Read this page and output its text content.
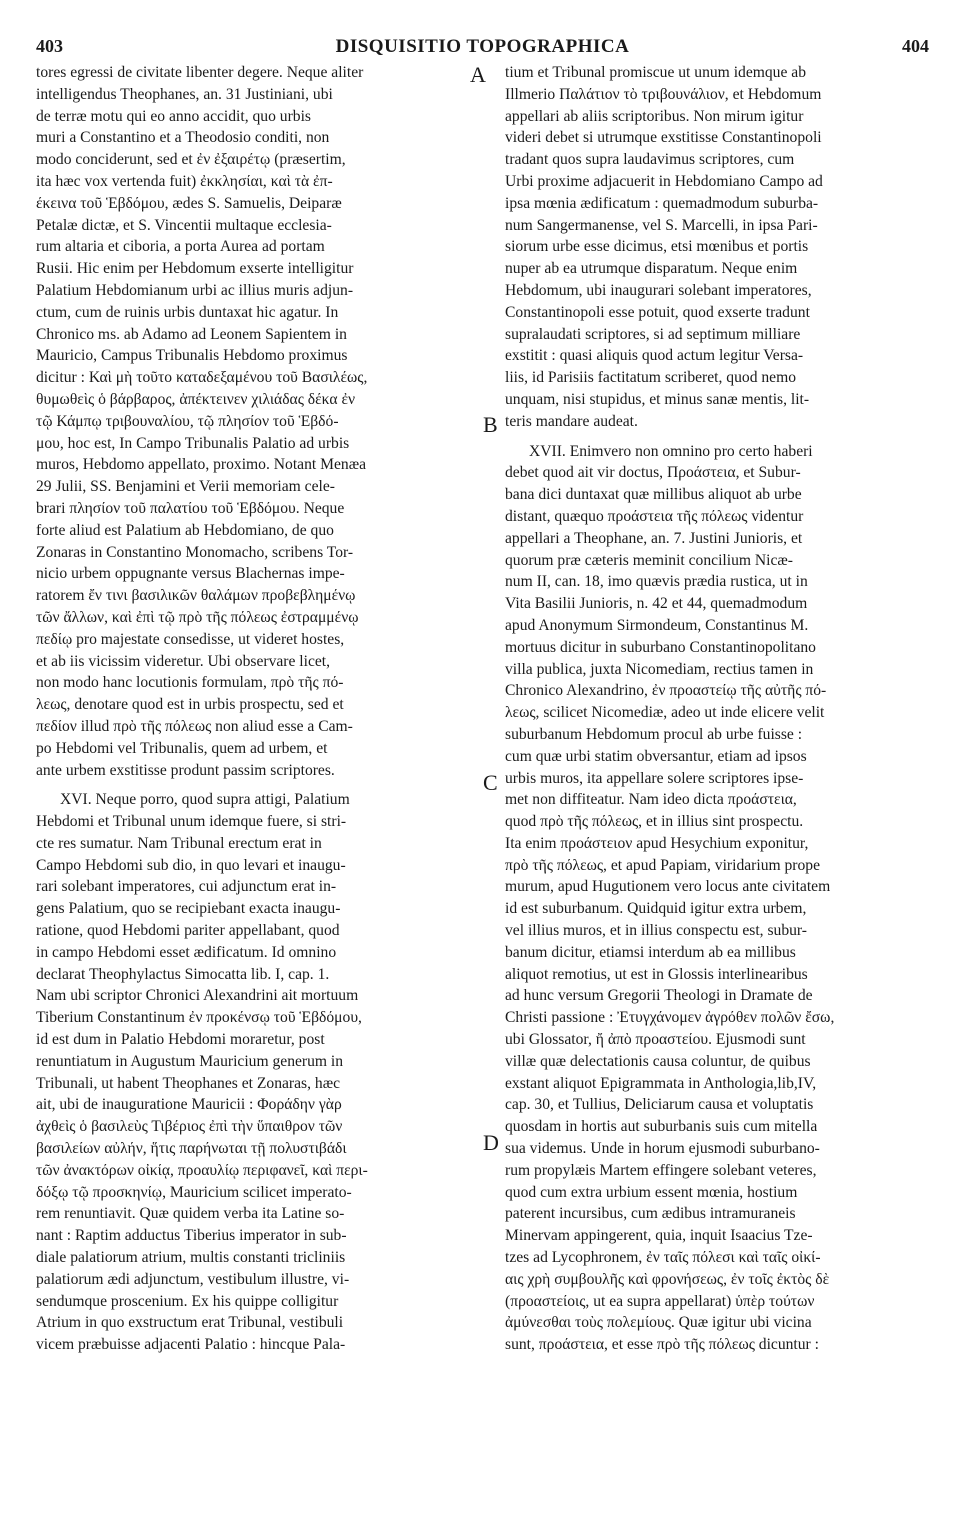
403	DISQUISITIO TOPOGRAPHICA	404

tores egressi de civitate libenter degere. Neque aliter
intelligendus Theophanes, an. 31 Justiniani, ubi
de terræ motu qui eo anno accidit, quo urbis
muri a Constantino et a Theodosio conditi, non
modo conciderunt, sed et ἐν ἐξαιρέτῳ (præsertim,
ita hæc vox vertenda fuit) ἐκκλησίαι, καὶ τὰ ἐπ-
έκεινα τοῦ Ἑβδόμου, ædes S. Samuelis, Deiparæ
Petalæ dictæ, et S. Vincentii multaque ecclesia-
rum altaria et ciboria, a porta Aurea ad portam
Rusii. Hic enim per Hebdomum exserte intelligitur
Palatium Hebdomianum urbi ac illius muris adjun-
ctum, cum de ruinis urbis duntaxat hic agatur. In
Chronico ms. ab Adamo ad Leonem Sapientem in
Mauricio, Campus Tribunalis Hebdomo proximus
dicitur : Καὶ μὴ τοῦτο καταδεξαμένου τοῦ Βασιλέως,
θυμωθεὶς ὁ βάρβαρος, ἀπέκτεινεν χιλιάδας δέκα ἐν
τῷ Κάμπῳ τριβουναλίου, τῷ πλησίον τοῦ Ἑβδό-
μου, hoc est, In Campo Tribunalis Palatio ad urbis
muros, Hebdomo appellato, proximo. Notant Menæa
29 Julii, SS. Benjamini et Verii memoriam cele-
brari πλησίον τοῦ παλατίου τοῦ Ἑβδόμου. Neque
forte aliud est Palatium ab Hebdomiano, de quo
Zonaras in Constantino Monomacho, scribens Tor-
nicio urbem oppugnante versus Blachernas impe-
ratorem ἔν τινι βασιλικῶν θαλάμων προβεβλημένῳ
τῶν ἄλλων, καὶ ἐπὶ τῷ πρὸ τῆς πόλεως ἐστραμμένῳ
πεδίῳ pro majestate consedisse, ut videret hostes,
et ab iis vicissim videretur. Ubi observare licet,
non modo hanc locutionis formulam, πρὸ τῆς πό-
λεως, denotare quod est in urbis prospectu, sed et
πεδίον illud πρὸ τῆς πόλεως non aliud esse a Cam-
po Hebdomi vel Tribunalis, quem ad urbem, et
ante urbem exstitisse produnt passim scriptores.

XVI. Neque porro, quod supra attigi, Palatium
Hebdomi et Tribunal unum idemque fuere, si stri-
cte res sumatur. Nam Tribunal erectum erat in
Campo Hebdomi sub dio, in quo levari et inaugu-
rari solebant imperatores, cui adjunctum erat in-
gens Palatium, quo se recipiebant exacta inaugu-
ratione, quod Hebdomi pariter appellabant, quod
in campo Hebdomi esset ædificatum. Id omnino
declarat Theophylactus Simocatta lib. I, cap. 1.
Nam ubi scriptor Chronici Alexandrini ait mortuum
Tiberium Constantinum ἐν πρoκένσῳ τοῦ Ἑβδόμου,
id est dum in Palatio Hebdomi moraretur, post
renuntiatum in Augustum Mauricium generum in
Tribunali, ut habent Theophanes et Zonaras, hæc
ait, ubi de inauguratione Mauricii : Φοράδην γὰρ
ἀχθεὶς ὁ βασιλεὺς Τιβέριος ἐπὶ τὴν ὕπαιθρον τῶν
βασιλείων αὐλήν, ἥτις παρήνωται τῇ πολυστιβάδι
τῶν ἀνακτόρων οἰκίᾳ, προαυλίῳ περιφανεῖ, καὶ περι-
δόξῳ τῷ προσκηνίῳ, Mauricium scilicet imperato-
rem renuntiavit. Quæ quidem verba ita Latine so-
nant : Raptim adductus Tiberius imperator in sub-
diale palatiorum atrium, multis constanti tricliniis
palatiorum ædi adjunctum, vestibulum illustre, vi-
sendumque proscenium. Ex his quippe colligitur
Atrium in quo exstructum erat Tribunal, vestibuli
vicem præbuisse adjacenti Palatio : hincque Pala-

tium et Tribunal promiscue ut unum idemque ab
Illmerio Παλάτιον τὸ τριβουνάλιον, et Hebdomum
appellari ab aliis scriptoribus. Non mirum igitur
videri debet si utrumque exstitisse Constantinopoli
tradant quos supra laudavimus scriptores, cum
Urbi proxime adjacuerit in Hebdomiano Campo ad
ipsa mœnia ædificatum : quemadmodum suburba-
num Sangermanense, vel S. Marcelli, in ipsa Pari-
siorum urbe esse dicimus, etsi mœnibus et portis
nuper ab ea utrumque disparatum. Neque enim
Hebdomum, ubi inaugurari solebant imperatores,
Constantinopoli esse potuit, quod exserte tradunt
supralaudati scriptores, si ad septimum milliare
exstitit : quasi aliquis quod actum legitur Versa-
liis, id Parisiis factitatum scriberet, quod nemo
unquam, nisi stupidus, et minus sanæ mentis, lit-
teris mandare audeat.

XVII. Enimvero non omnino pro certo haberi
debet quod ait vir doctus, Προάστεια, et Subur-
bana dici duntaxat quæ millibus aliquot ab urbe
distant, quæquo προάστεια τῆς πόλεως videntur
appellari a Theophane, an. 7. Justini Junioris, et
quorum præ cæteris meminit concilium Nicæ-
num II, can. 18, imo quævis prædia rustica, ut in
Vita Basilii Junioris, n. 42 et 44, quemadmodum
apud Anonymum Sirmondeum, Constantinus M.
mortuus dicitur in suburbano Constantinopolitano
villa publica, juxta Nicomediam, rectius tamen in
Chronico Alexandrino, ἐν προαστείῳ τῆς αὐτῆς πό-
λεως, scilicet Nicomediæ, adeo ut inde elicere velit
suburbanum Hebdomum procul ab urbe fuisse :
cum quæ urbi statim obversantur, etiam ad ipsos
urbis muros, ita appellare solere scriptores ipse-
met non diffiteatur. Nam ideo dicta προάστεια,
quod πρὸ τῆς πόλεως, et in illius sint prospectu.
Ita enim προάστειον apud Hesychium exponitur,
πρὸ τῆς πόλεως, et apud Papiam, viridarium prope
murum, apud Hugutionem vero locus ante civitatem
id est suburbanum. Quidquid igitur extra urbem,
vel illius muros, et in illius conspectu est, subur-
banum dicitur, etiamsi interdum ab ea millibus
aliquot remotius, ut est in Glossis interlinearibus
ad hunc versum Gregorii Theologi in Dramate de
Christi passione : Ἐτυγχάνομεν ἀγρόθεν πολῶν ἔσω,
ubi Glossator, ἤ ἀπὸ προαστείου. Ejusmodi sunt
villæ quæ delectationis causa coluntur, de quibus
exstant aliquot Epigrammata in Anthologia,lib,IV,
cap. 30, et Tullius, Deliciarum causa et voluptatis
quosdam in hortis aut suburbanis suis cum mitella
sua videmus. Unde in horum ejusmodi suburbano-
rum propylæis Martem effingere solebant veteres,
quod cum extra urbium essent mœnia, hostium
paterent incursibus, cum ædibus intramuraneis
Minervam appingerent, quia, inquit Isaacius Tze-
tzes ad Lycophronem, ἐν ταῖς πόλεσι καὶ ταῖς οἰκί-
αις χρὴ συμβουλῆς καὶ φρονήσεως, ἐν τοῖς ἐκτὸς δὲ
(προαστείοις, ut ea supra appellarat) ὑπὲρ τούτων
ἀμύνεσθαι τοὺς πολεμίους. Quæ igitur ubi vicina
sunt, προάστεια, et esse πρὸ τῆς πόλεως dicuntur :

A
B
C
D
